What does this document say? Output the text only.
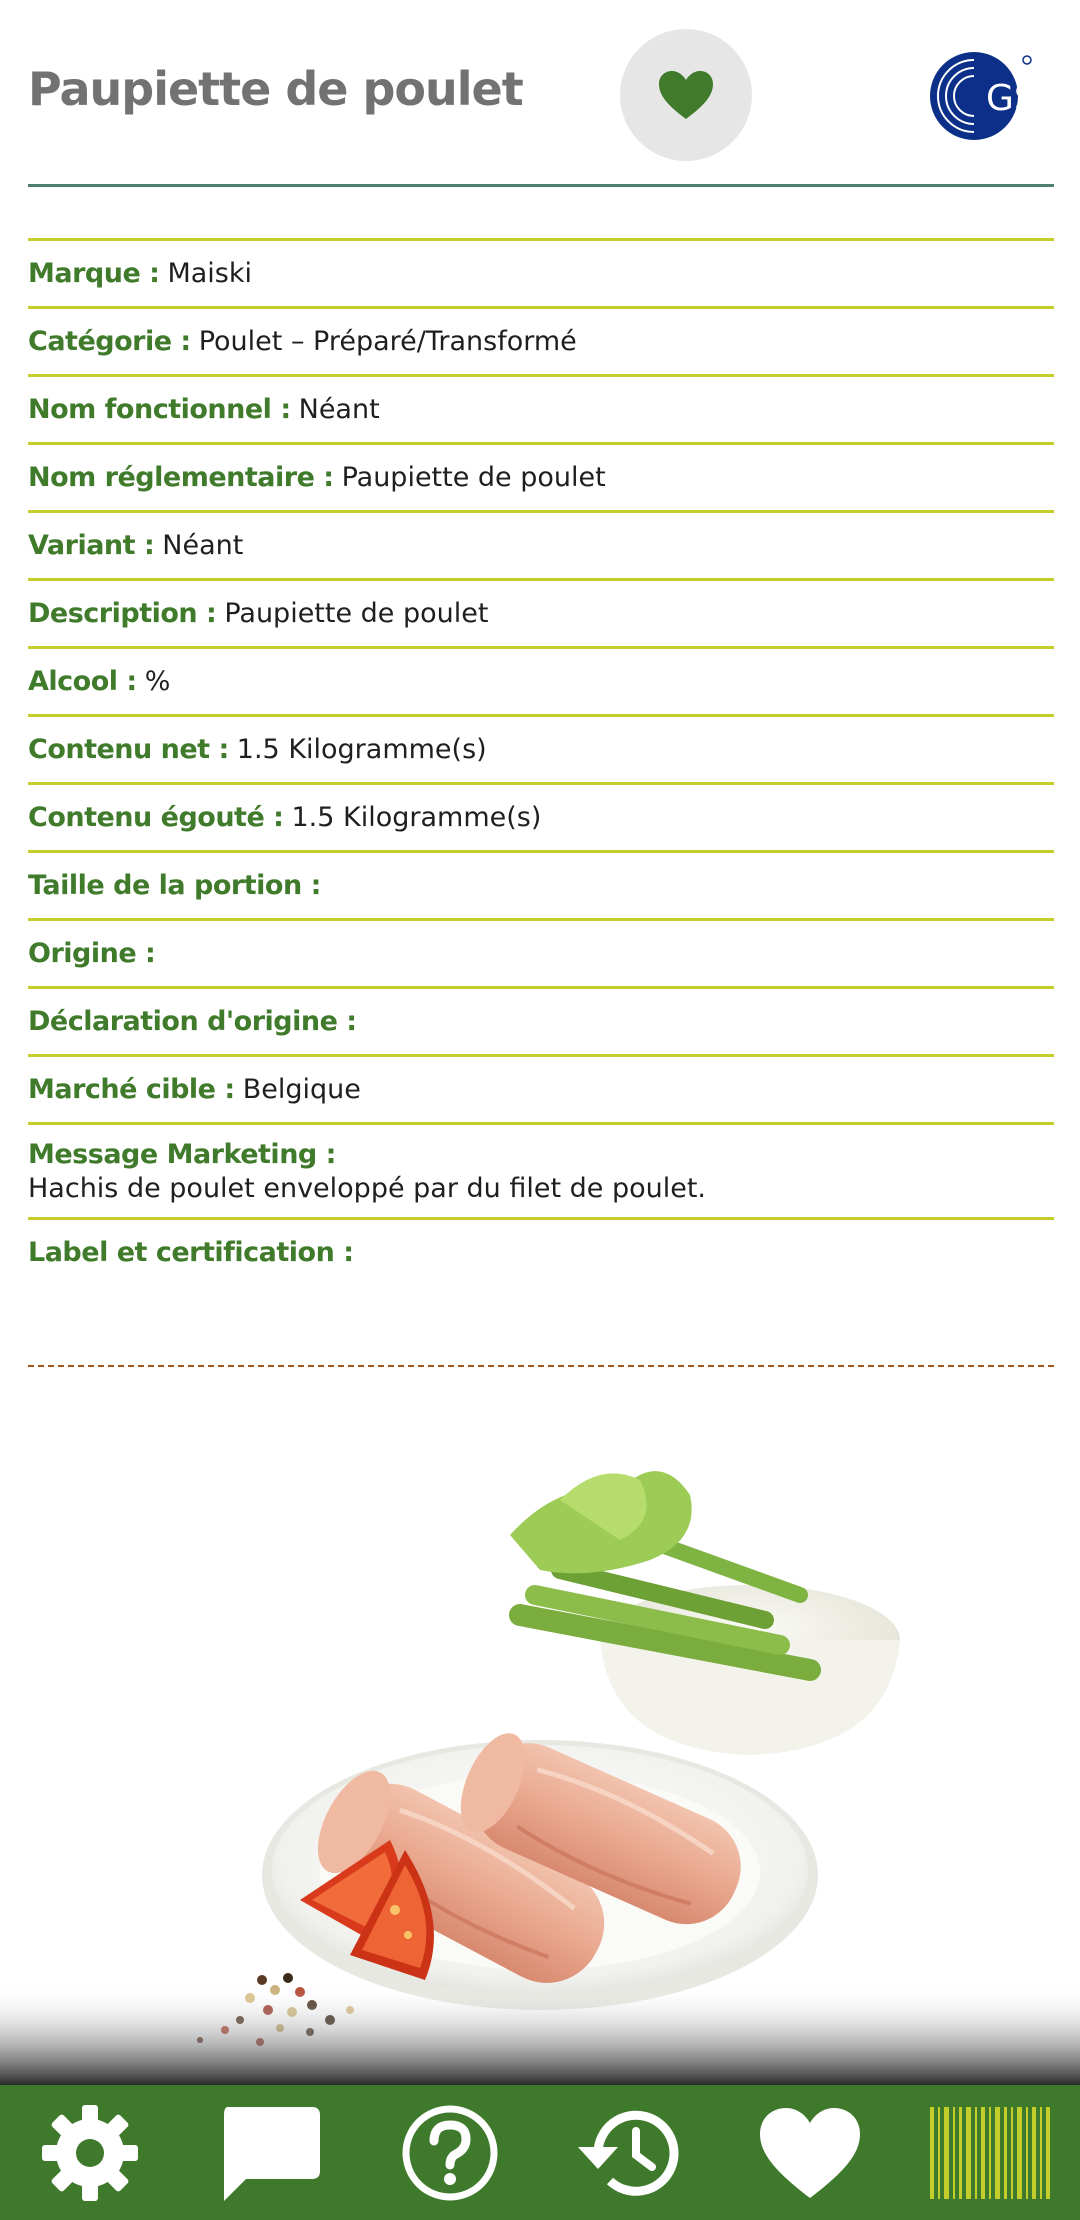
Paupiette de poulet	GS1
Marque : Maiski
Catégorie : Poulet – Préparé/Transformé
Nom fonctionnel : Néant
Nom réglementaire : Paupiette de poulet
Variant : Néant
Description : Paupiette de poulet
Alcool : %
Contenu net : 1.5 Kilogramme(s)
Contenu égouté : 1.5 Kilogramme(s)
Taille de la portion :
Origine :
Déclaration d'origine :
Marché cible : Belgique
Message Marketing :
Hachis de poulet enveloppé par du filet de poulet.
Label et certification :
